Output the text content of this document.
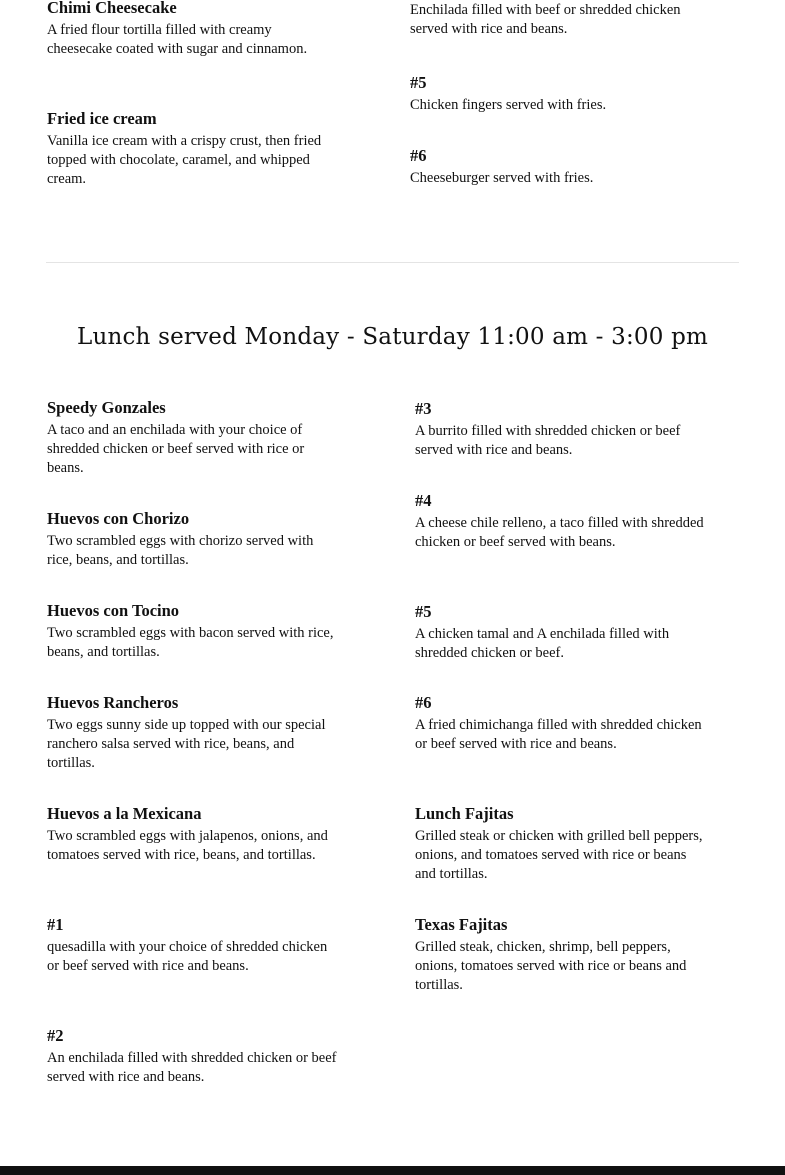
Chimi Cheesecake
A fried flour tortilla filled with creamy cheesecake coated with sugar and cinnamon.
Fried ice cream
Vanilla ice cream with a crispy crust, then fried topped with chocolate, caramel, and whipped cream.
Enchilada filled with beef or shredded chicken served with rice and beans.
#5
Chicken fingers served with fries.
#6
Cheeseburger served with fries.
Lunch served Monday - Saturday 11:00 am - 3:00 pm
Speedy Gonzales
A taco and an enchilada with your choice of shredded chicken or beef served with rice or beans.
Huevos con Chorizo
Two scrambled eggs with chorizo served with rice, beans, and tortillas.
Huevos con Tocino
Two scrambled eggs with bacon served with rice, beans, and tortillas.
Huevos Rancheros
Two eggs sunny side up topped with our special ranchero salsa served with rice, beans, and tortillas.
Huevos a la Mexicana
Two scrambled eggs with jalapenos, onions, and tomatoes served with rice, beans, and tortillas.
#1
quesadilla with your choice of shredded chicken or beef served with rice and beans.
#2
An enchilada filled with shredded chicken or beef served with rice and beans.
#3
A burrito filled with shredded chicken or beef served with rice and beans.
#4
A cheese chile relleno, a taco filled with shredded chicken or beef served with beans.
#5
A chicken tamal and A enchilada filled with shredded chicken or beef.
#6
A fried chimichanga filled with shredded chicken or beef served with rice and beans.
Lunch Fajitas
Grilled steak or chicken with grilled bell peppers, onions, and tomatoes served with rice or beans and tortillas.
Texas Fajitas
Grilled steak, chicken, shrimp, bell peppers, onions, tomatoes served with rice or beans and tortillas.
